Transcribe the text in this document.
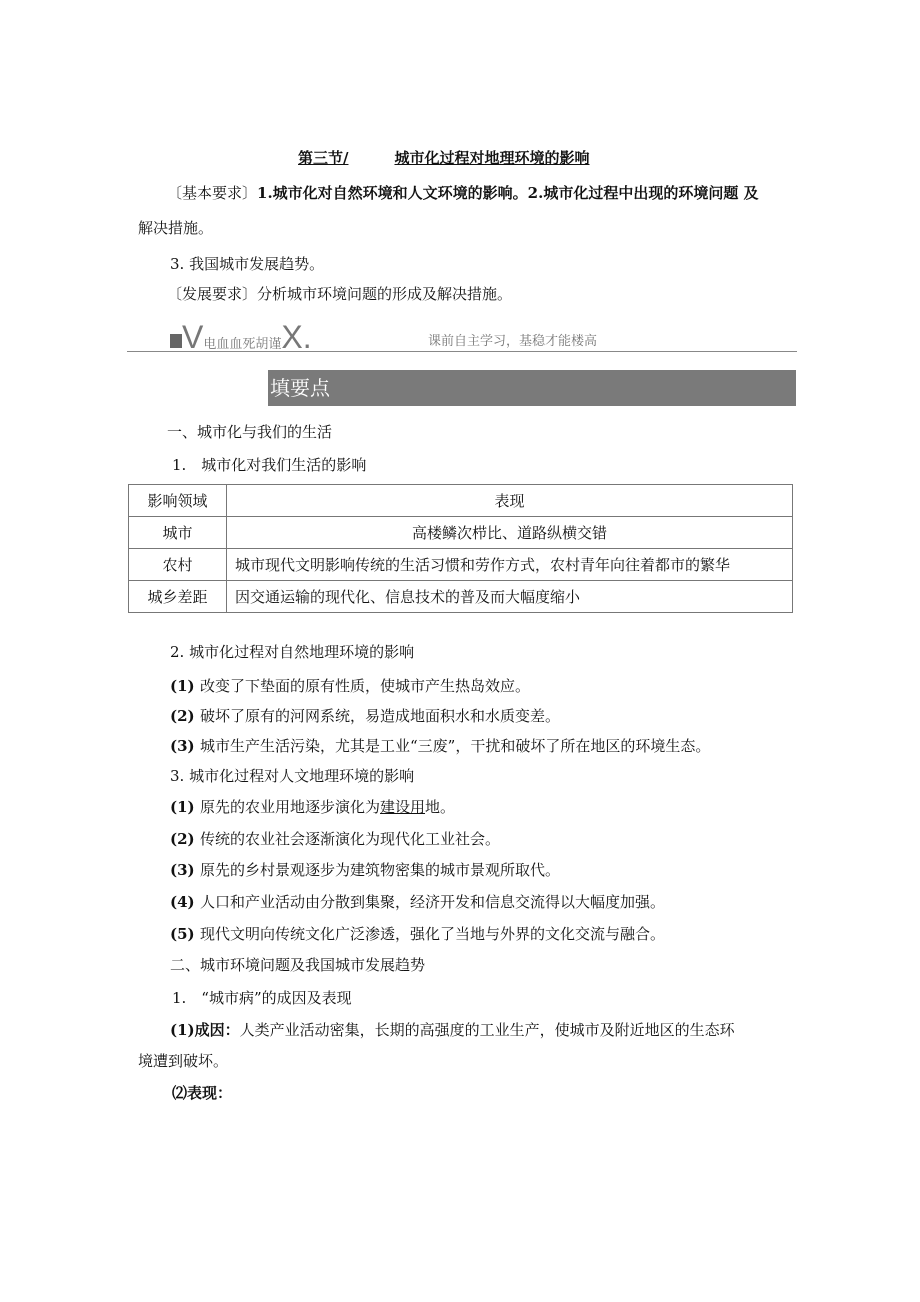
第三节/	城市化过程对地理环境的影响
〔基本要求〕1.城市化对自然环境和人文环境的影响。2.城市化过程中出现的环境问题 及
解决措施。
3. 我国城市发展趋势。
〔发展要求〕分析城市环境问题的形成及解决措施。
V电血血死胡谨X.	课前自主学习，基稳才能楼高
填要点
一、城市化与我们的生活
1.　城市化对我们生活的影响
影响领域	表现
城市	高楼鳞次栉比、道路纵横交错
农村	城市现代文明影响传统的生活习惯和劳作方式，农村青年向往着都市的繁华
城乡差距	因交通运输的现代化、信息技术的普及而大幅度缩小
2. 城市化过程对自然地理环境的影响
(1) 改变了下垫面的原有性质，使城市产生热岛效应。
(2) 破坏了原有的河网系统，易造成地面积水和水质变差。
(3) 城市生产生活污染，尤其是工业“三废”，干扰和破坏了所在地区的环境生态。
3. 城市化过程对人文地理环境的影响
(1) 原先的农业用地逐步演化为建设用地。
(2) 传统的农业社会逐渐演化为现代化工业社会。
(3) 原先的乡村景观逐步为建筑物密集的城市景观所取代。
(4) 人口和产业活动由分散到集聚，经济开发和信息交流得以大幅度加强。
(5) 现代文明向传统文化广泛渗透，强化了当地与外界的文化交流与融合。
二、城市环境问题及我国城市发展趋势
1.　“城市病”的成因及表现
(1)成因：人类产业活动密集，长期的高强度的工业生产，使城市及附近地区的生态环
境遭到破坏。
⑵表现：
